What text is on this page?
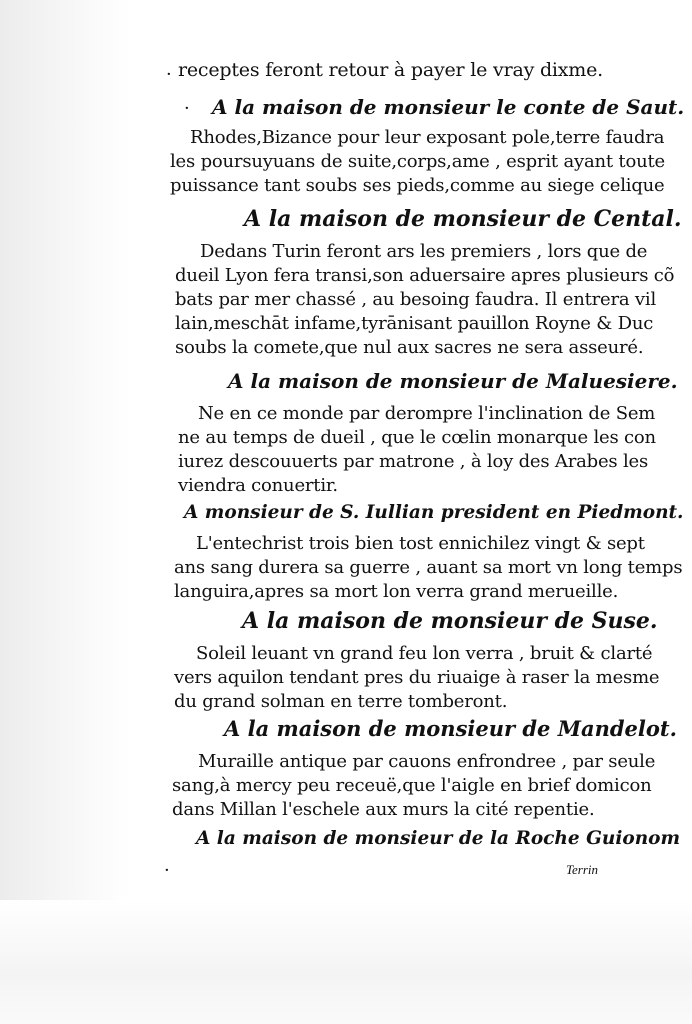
·
·
·
receptes feront retour à payer le vray dixme.
A la maison de monsieur le conte de Saut.
Rhodes,Bizance pour leur exposant pole,terre faudra
les poursuyuans de suite,corps,ame , esprit ayant toute
puissance tant soubs ses pieds,comme au siege celique
A la maison de monsieur de Cental.
Dedans Turin feront ars les premiers , lors que de
dueil Lyon fera transi,son aduersaire apres plusieurs cõ
bats par mer chassé , au besoing faudra. Il entrera vil
lain,meschāt infame,tyrānisant pauillon Royne & Duc
soubs la comete,que nul aux sacres ne sera asseuré.
A la maison de monsieur de Maluesiere.
Ne en ce monde par derompre l'inclination de Sem
ne au temps de dueil , que le cœlin monarque les con
iurez descouuerts par matrone , à loy des Arabes les
viendra conuertir.
A monsieur de S. Iullian president en Piedmont.
L'entechrist trois bien tost ennichilez vingt & sept
ans sang durera sa guerre , auant sa mort vn long temps
languira,apres sa mort lon verra grand merueille.
A la maison de monsieur de Suse.
Soleil leuant vn grand feu lon verra , bruit & clarté
vers aquilon tendant pres du riuaige à raser la mesme
du grand solman en terre tomberont.
A la maison de monsieur de Mandelot.
Muraille antique par cauons enfrondree , par seule
sang,à mercy peu receuë,que l'aigle en brief domicon
dans Millan l'eschele aux murs la cité repentie.
A la maison de monsieur de la Roche Guionom
Terrin
